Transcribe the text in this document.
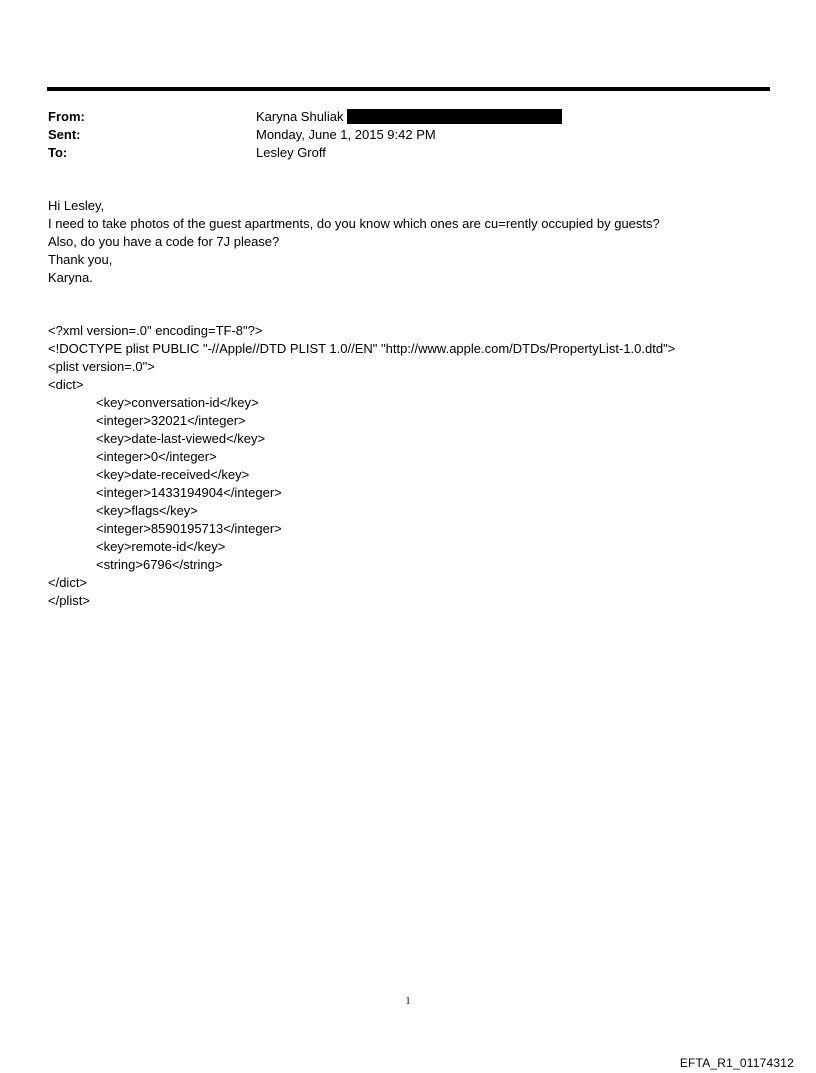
From:	Karyna Shuliak
Sent:	Monday, June 1, 2015 9:42 PM
To:	Lesley Groff
Hi Lesley,
I need to take photos of the guest apartments, do you know which ones are cu=rently occupied by guests?
Also, do you have a code for 7J please?
Thank you,
Karyna.
<?xml version=.0" encoding=TF-8"?>
<!DOCTYPE plist PUBLIC "-//Apple//DTD PLIST 1.0//EN" "http://www.apple.com/DTDs/PropertyList-1.0.dtd">
<plist version=.0">
<dict>
<key>conversation-id</key>
<integer>32021</integer>
<key>date-last-viewed</key>
<integer>0</integer>
<key>date-received</key>
<integer>1433194904</integer>
<key>flags</key>
<integer>8590195713</integer>
<key>remote-id</key>
<string>6796</string>
</dict>
</plist>
1
EFTA_R1_01174312
